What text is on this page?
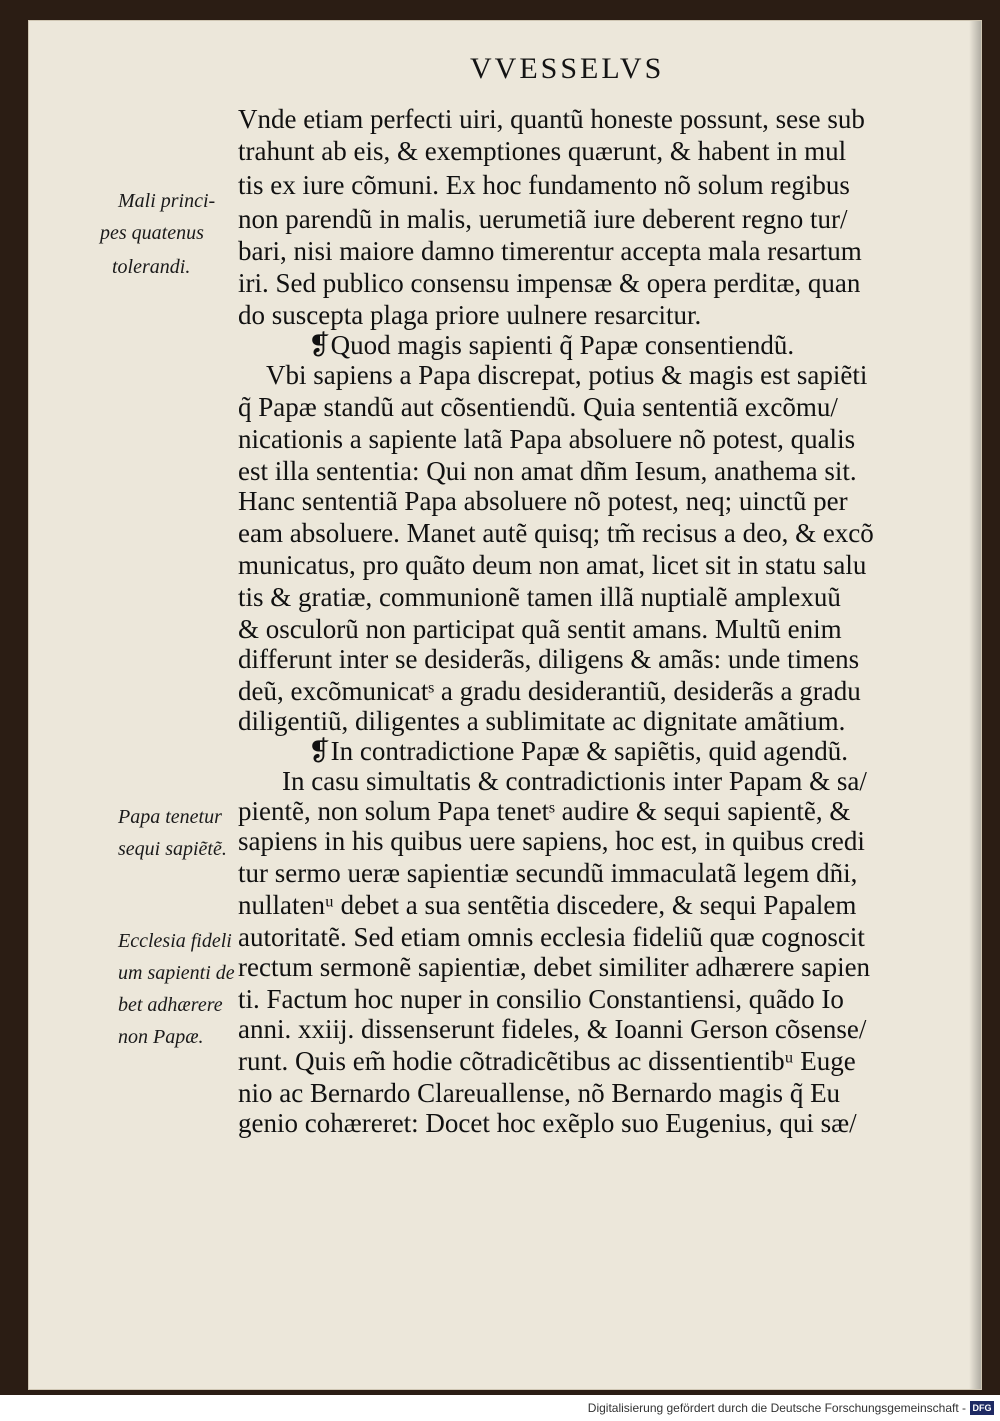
VVESSELVS
Vnde etiam perfecti uiri, quantũ honeste possunt, sese sub
trahunt ab eis, & exemptiones quærunt, & habent in mul
tis ex iure cõmuni. Ex hoc fundamento nõ solum regibus
non parendũ in malis, uerumetiã iure deberent regno tur/
bari, nisi maiore damno timerentur accepta mala resartum
iri. Sed publico consensu impensæ & opera perditæ, quan
do suscepta plaga priore uulnere resarcitur.
❡Quod magis sapienti q̃ Papæ consentiendũ.
Vbi sapiens a Papa discrepat, potius & magis est sapiẽti
q̃ Papæ standũ aut cõsentiendũ. Quia sententiã excõmu/
nicationis a sapiente latã Papa absoluere nõ potest, qualis
est illa sententia: Qui non amat dñm Iesum, anathema sit.
Hanc sententiã Papa absoluere nõ potest, neq; uinctũ per
eam absoluere. Manet autẽ quisq; tm̃ recisus a deo, & excõ
municatus, pro quãto deum non amat, licet sit in statu salu
tis & gratiæ, communionẽ tamen illã nuptialẽ amplexuũ
& osculorũ non participat quã sentit amans. Multũ enim
differunt inter se desiderãs, diligens & amãs: unde timens
deũ, excõmunicatˢ a gradu desiderantiũ, desiderãs a gradu
diligentiũ, diligentes a sublimitate ac dignitate amãtium.
❡In contradictione Papæ & sapiẽtis, quid agendũ.
In casu simultatis & contradictionis inter Papam & sa/
pientẽ, non solum Papa tenetˢ audire & sequi sapientẽ, &
sapiens in his quibus uere sapiens, hoc est, in quibus credi
tur sermo ueræ sapientiæ secundũ immaculatã legem dñi,
nullatenᵘ debet a sua sentẽtia discedere, & sequi Papalem
autoritatẽ. Sed etiam omnis ecclesia fideliũ quæ cognoscit
rectum sermonẽ sapientiæ, debet similiter adhærere sapien
ti. Factum hoc nuper in consilio Constantiensi, quãdo Io
anni. xxiij. dissenserunt fideles, & Ioanni Gerson cõsense/
runt. Quis em̃ hodie cõtradicẽtibus ac dissentientibᵘ Euge
nio ac Bernardo Clareuallense, nõ Bernardo magis q̃ Eu
genio cohæreret: Docet hoc exẽplo suo Eugenius, qui sæ/
Mali princi-
pes quatenus
tolerandi.
Papa tenetur
sequi sapiẽtẽ.
Ecclesia fideli
um sapienti de
bet adhærere
non Papæ.
Digitalisierung gefördert durch die Deutsche Forschungsgemeinschaft - DFG
